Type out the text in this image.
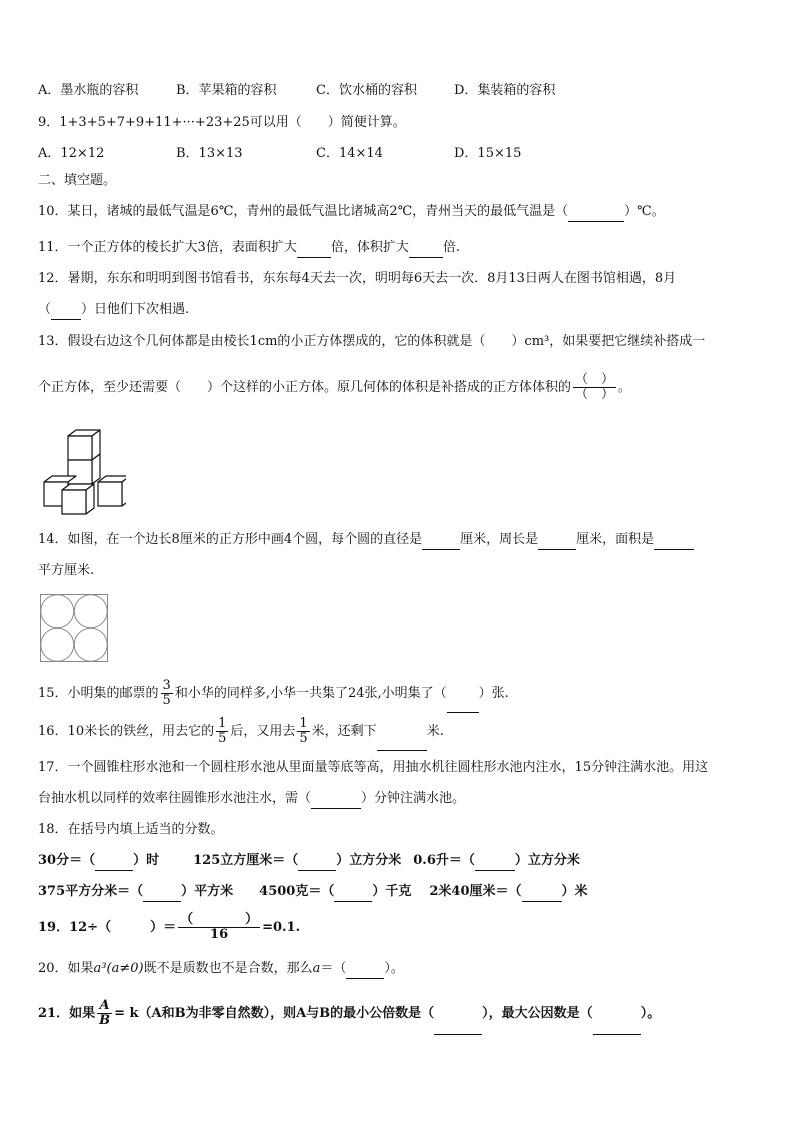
A．墨水瓶的容积	B．苹果箱的容积	C．饮水桶的容积	D．集装箱的容积
9．1+3+5+7+9+11+···+23+25可以用（　　）简便计算。
A．12×12	B．13×13	C．14×14	D．15×15
二、填空题。
10．某日，诸城的最低气温是6℃，青州的最低气温比诸城高2℃，青州当天的最低气温是（	）℃。
11．一个正方体的棱长扩大3倍，表面积扩大	倍，体积扩大	倍.
12．暑期，东东和明明到图书馆看书，东东每4天去一次，明明每6天去一次．8月13日两人在图书馆相遇，8月
（ ）日他们下次相遇.
13．假设右边这个几何体都是由棱长1cm的小正方体摆成的，它的体积就是（　　）cm³，如果要把它继续补搭成一
个正方体，至少还需要（　　）个这样的小正方体。原几何体的体积是补搭成的正方体体积的 $\frac{( )}{( )}$ 。
14．如图，在一个边长8厘米的正方形中画4个圆，每个圆的直径是	厘米，周长是	厘米，面积是
平方厘米.
15．小明集的邮票的 $\frac{3}{5}$ 和小华的同样多,小华一共集了24张,小明集了（ ）张.
16．10米长的铁丝，用去它的 $\frac{1}{5}$ 后，又用去 $\frac{1}{5}$ 米，还剩下	米.
17．一个圆锥柱形水池和一个圆柱形水池从里面量等底等高，用抽水机往圆柱形水池内注水，15分钟注满水池。用这
台抽水机以同样的效率往圆锥形水池注水，需（	）分钟注满水池。
18．在括号内填上适当的分数。
30分＝（	）时	125立方厘米＝（	）立方分米 0.6升＝（	）立方分米
375平方分米＝（	）平方米 4500克＝（	）千克 2米40厘米＝（	）米
19．12÷（　　　）＝ $\frac{( )}{16} =0.1$.
20．如果a³(a≠0)既不是质数也不是合数，那么a＝（	）。
21．如果 $\frac{A}{B} = k(A$和B为非零自然数），则A与B的最小公倍数是（	），最大公因数是（	）。
